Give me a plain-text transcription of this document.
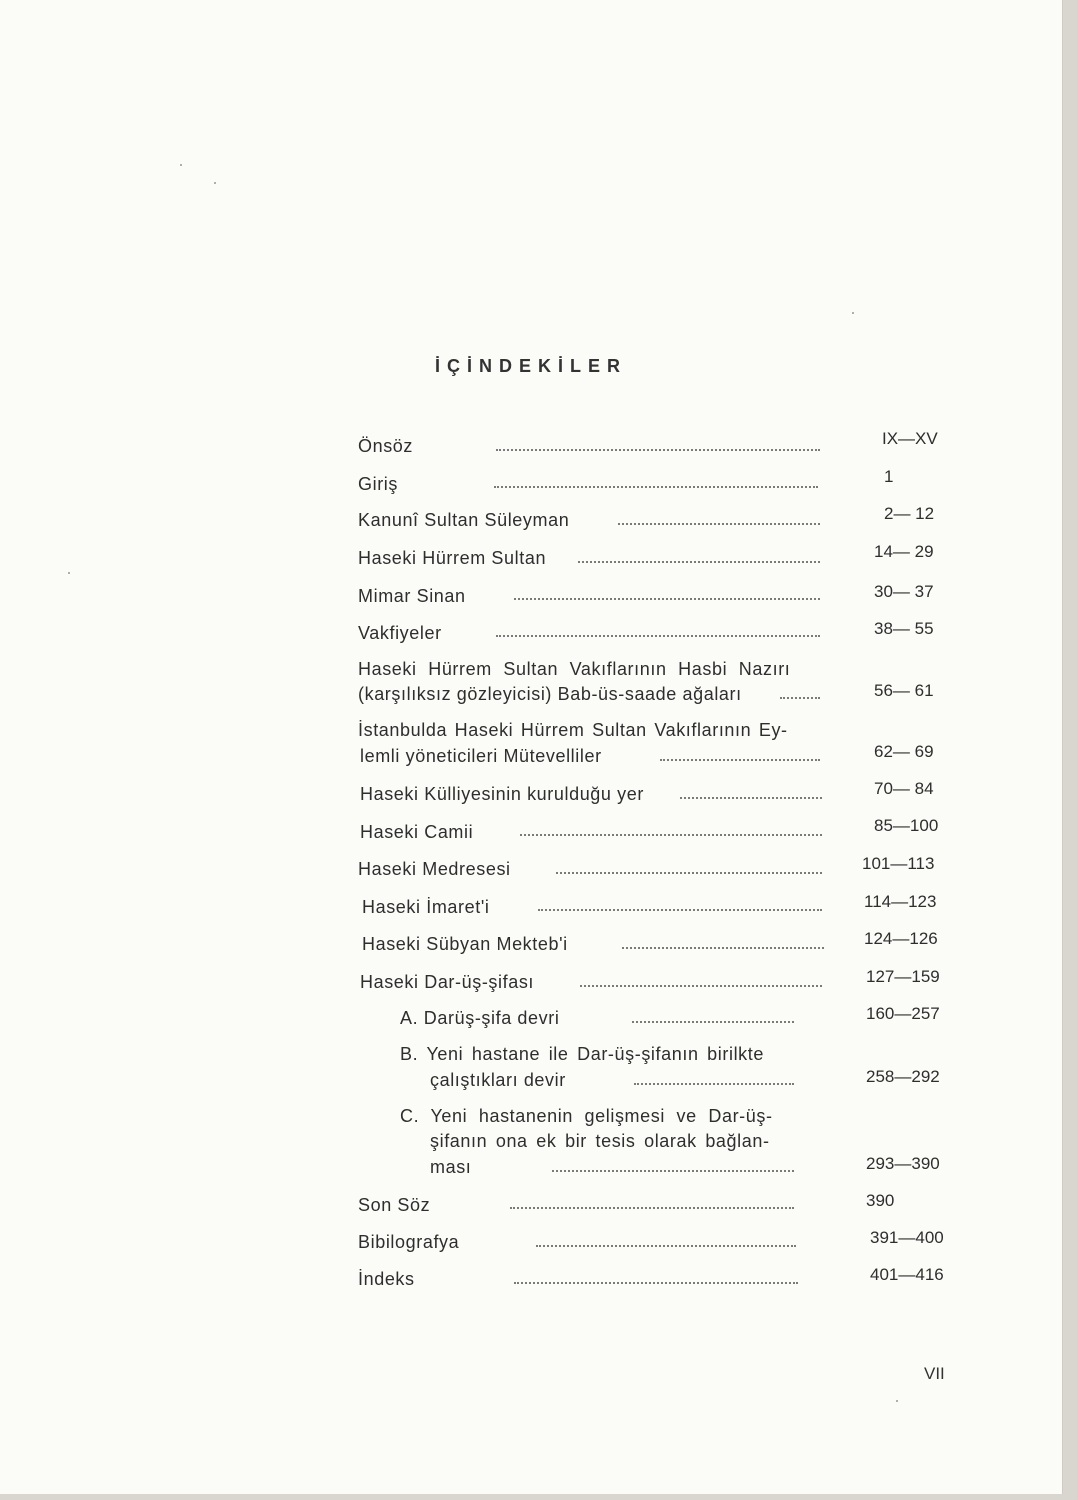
İÇİNDEKİLER
Önsöz	IX—XV
Giriş	1
Kanunî Sultan Süleyman	2— 12
Haseki Hürrem Sultan	14— 29
Mimar Sinan	30— 37
Vakfiyeler	38— 55
Haseki Hürrem Sultan Vakıflarının Hasbi Nazırı
(karşılıksız gözleyicisi) Bab-üs-saade ağaları	56— 61
İstanbulda Haseki Hürrem Sultan Vakıflarının Ey-
lemli yöneticileri Mütevelliler	62— 69
Haseki Külliyesinin kurulduğu yer	70— 84
Haseki Camii	85—100
Haseki Medresesi	101—113
Haseki İmaret'i	114—123
Haseki Sübyan Mekteb'i	124—126
Haseki Dar-üş-şifası	127—159
A. Darüş-şifa devri	160—257
B. Yeni hastane ile Dar-üş-şifanın birilkte
çalıştıkları devir	258—292
C. Yeni hastanenin gelişmesi ve Dar-üş-
şifanın ona ek bir tesis olarak bağlan-
ması	293—390
Son Söz	390
Bibilografya	391—400
İndeks	401—416
VII
